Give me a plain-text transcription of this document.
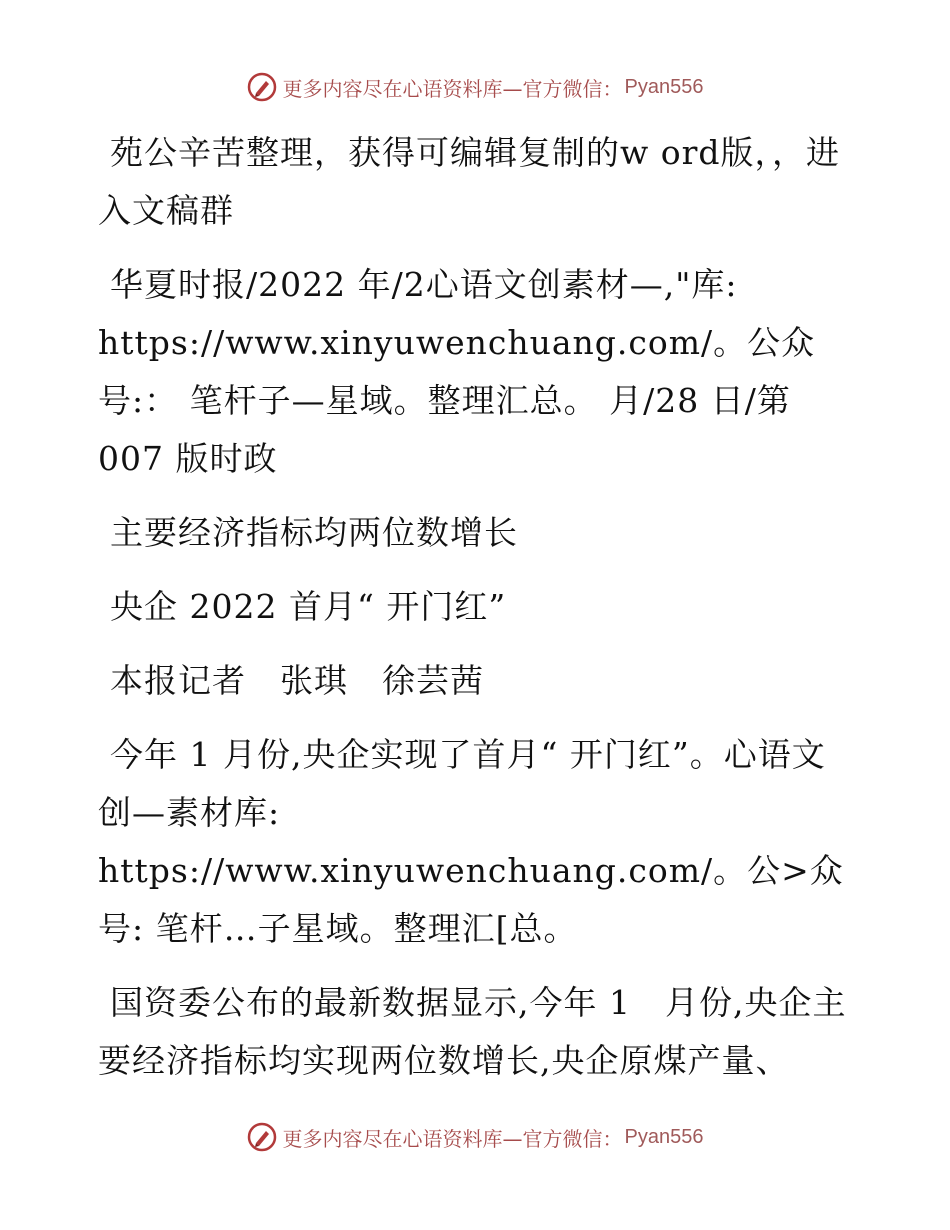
更多内容尽在心语资料库—官方微信： Pyan556

苑公辛苦整理，获得可编辑复制的w ord版，，进入文稿群

华夏时报/2022 年/2心语文创素材—,"库: https://www.xinyuwenchuang.com/。公众号:： 笔杆子—星域。整理汇总。 月/28 日/第 007 版时政

主要经济指标均两位数增长

央企 2022 首月“ 开门红”

本报记者　张琪　徐芸茜

今年 1 月份,央企实现了首月“ 开门红”。心语文创—素材库: https://www.xinyuwenchuang.com/。公>众号: 笔杆…子星域。整理汇[总。

国资委公布的最新数据显示,今年 1　月份,央企主要经济指标均实现两位数增长,央企原煤产量、

更多内容尽在心语资料库—官方微信： Pyan556
